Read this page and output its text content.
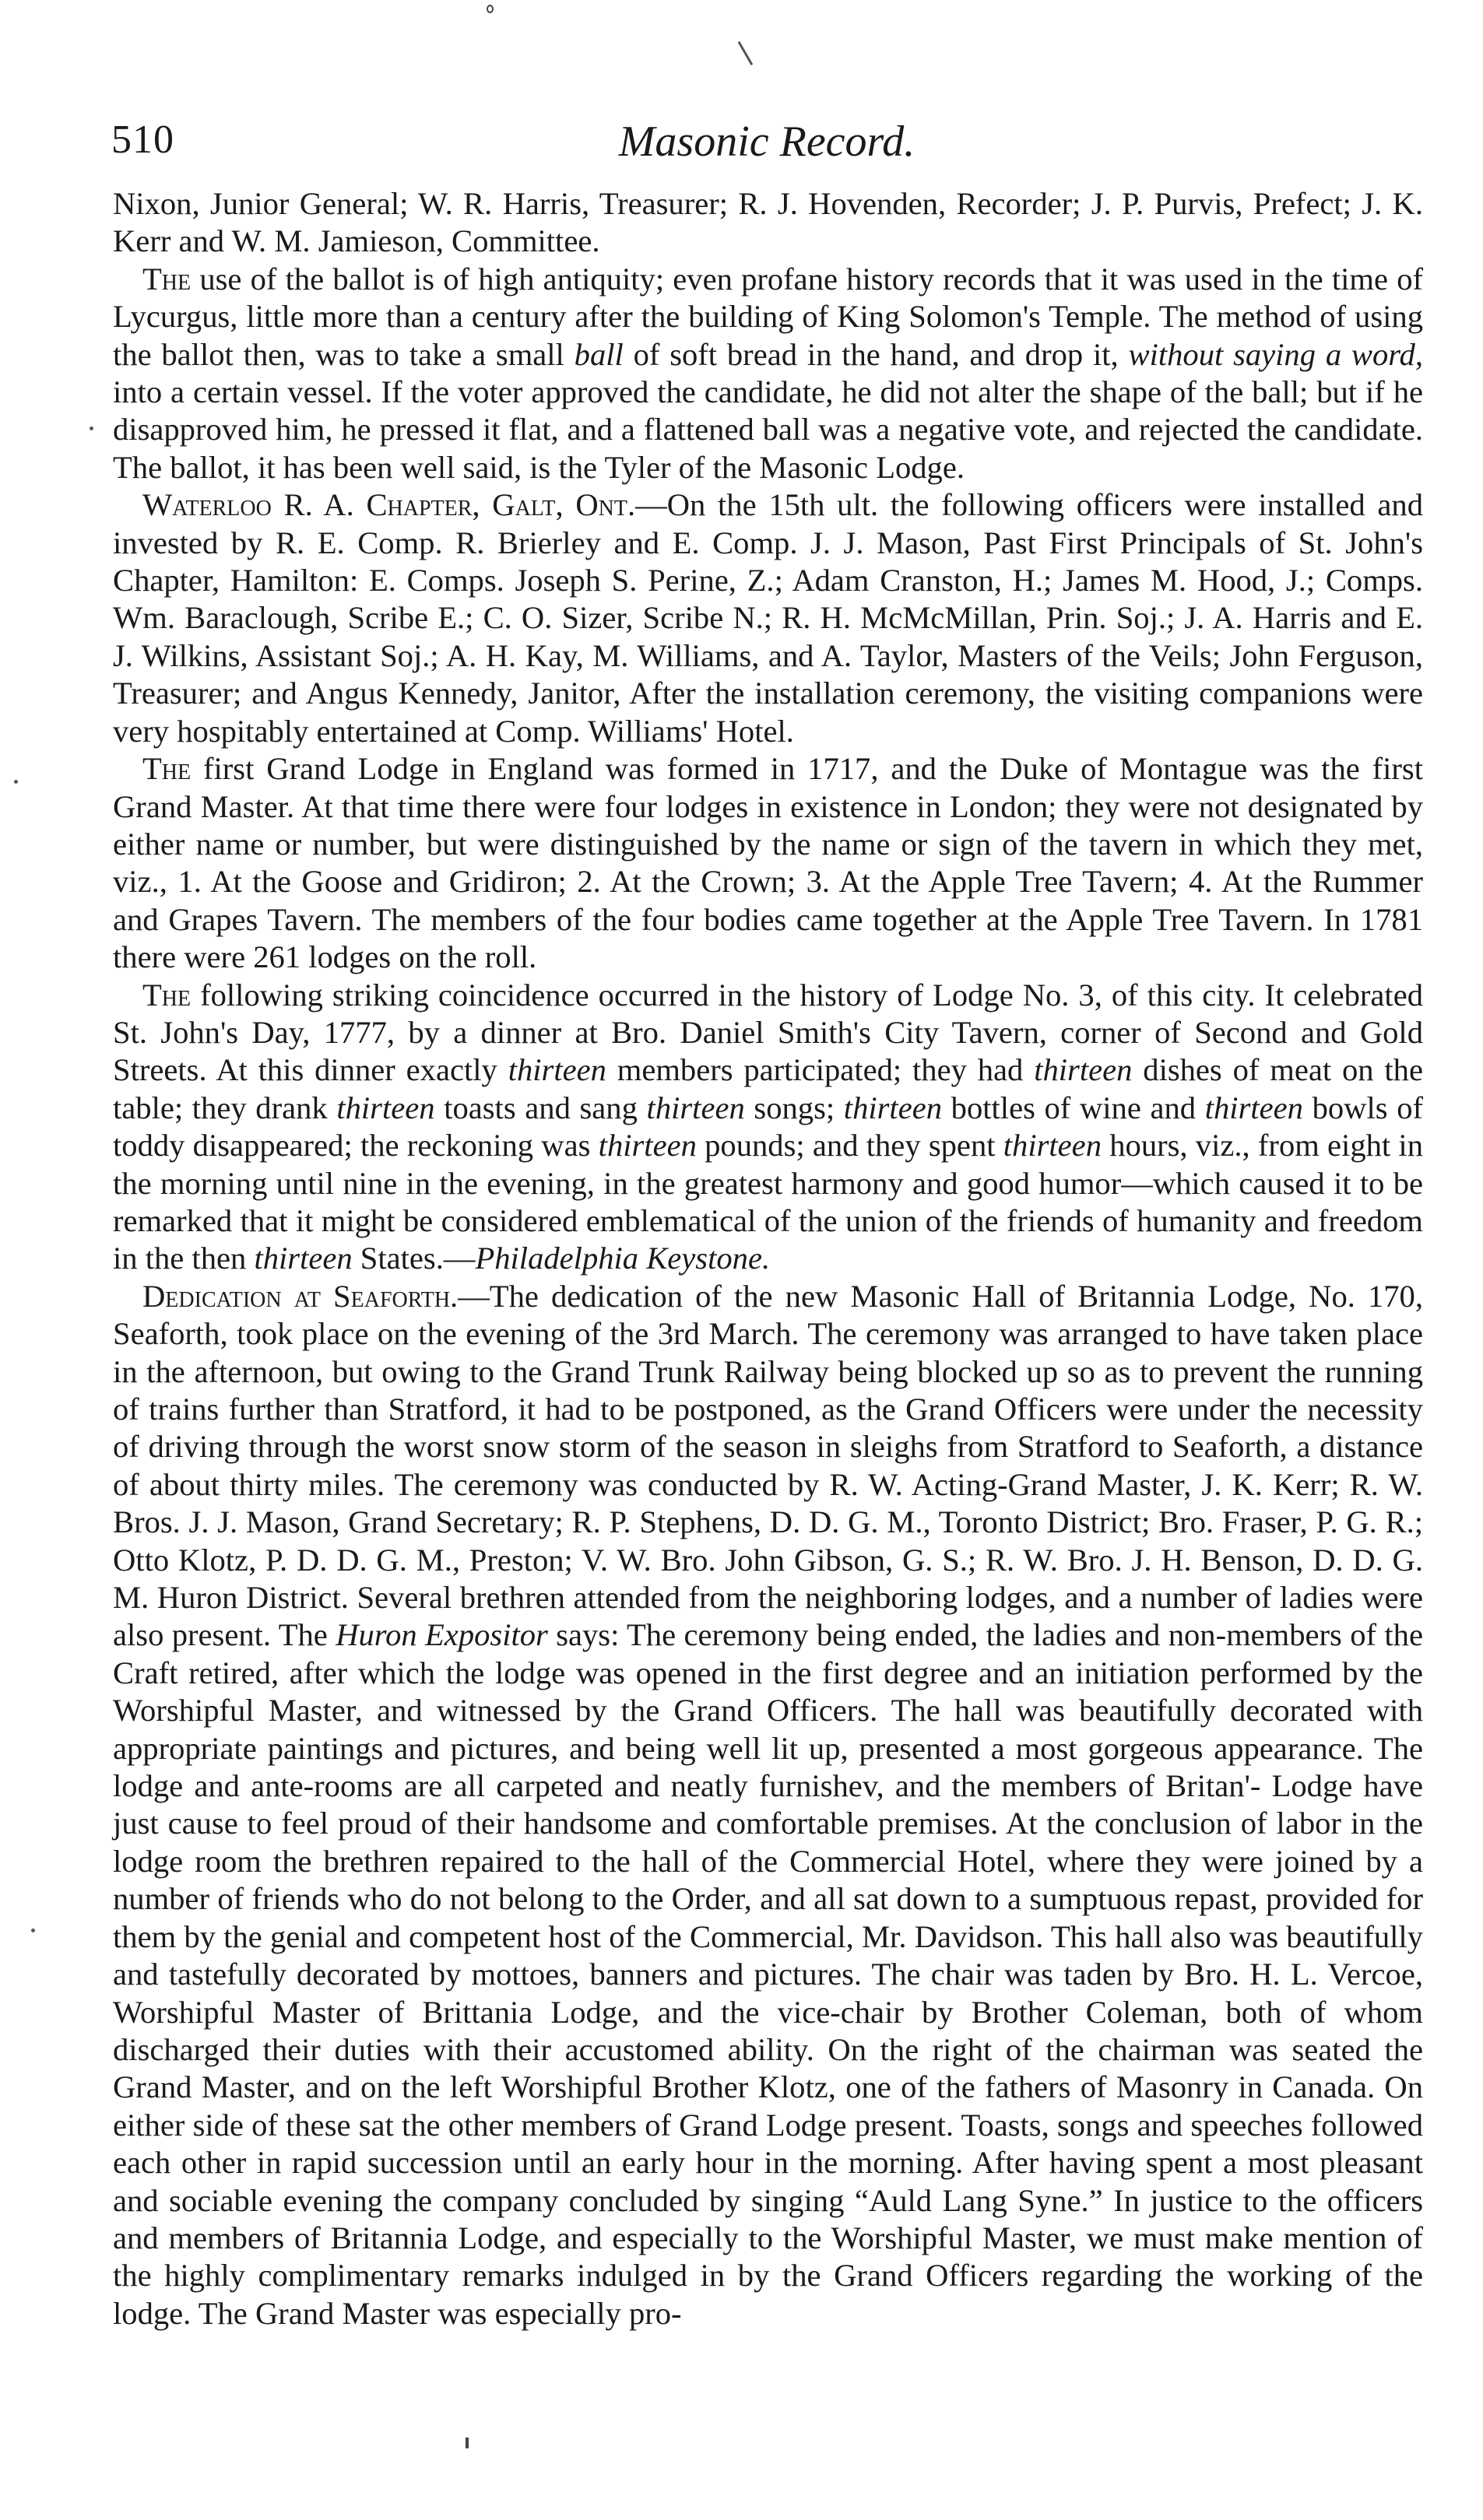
510	Masonic Record.

Nixon, Junior General; W. R. Harris, Treasurer; R. J. Hovenden, Recorder; J. P. Purvis, Prefect; J. K. Kerr and W. M. Jamieson, Committee.

The use of the ballot is of high antiquity; even profane history records that it was used in the time of Lycurgus, little more than a century after the building of King Solomon's Temple. The method of using the ballot then, was to take a small ball of soft bread in the hand, and drop it, without saying a word, into a certain vessel. If the voter approved the candidate, he did not alter the shape of the ball; but if he disapproved him, he pressed it flat, and a flattened ball was a negative vote, and rejected the candidate. The ballot, it has been well said, is the Tyler of the Masonic Lodge.

Waterloo R. A. Chapter, Galt, Ont.—On the 15th ult. the following officers were installed and invested by R. E. Comp. R. Brierley and E. Comp. J. J. Mason, Past First Principals of St. John's Chapter, Hamilton: E. Comps. Joseph S. Perine, Z.; Adam Cranston, H.; James M. Hood, J.; Comps. Wm. Baraclough, Scribe E.; C. O. Sizer, Scribe N.; R. H. McMcMillan, Prin. Soj.; J. A. Harris and E. J. Wilkins, Assistant Soj.; A. H. Kay, M. Williams, and A. Taylor, Masters of the Veils; John Ferguson, Treasurer; and Angus Kennedy, Janitor, After the installation ceremony, the visiting companions were very hospitably entertained at Comp. Williams' Hotel.

The first Grand Lodge in England was formed in 1717, and the Duke of Montague was the first Grand Master. At that time there were four lodges in existence in London; they were not designated by either name or number, but were distinguished by the name or sign of the tavern in which they met, viz., 1. At the Goose and Gridiron; 2. At the Crown; 3. At the Apple Tree Tavern; 4. At the Rummer and Grapes Tavern. The members of the four bodies came together at the Apple Tree Tavern. In 1781 there were 261 lodges on the roll.

The following striking coincidence occurred in the history of Lodge No. 3, of this city. It celebrated St. John's Day, 1777, by a dinner at Bro. Daniel Smith's City Tavern, corner of Second and Gold Streets. At this dinner exactly thirteen members participated; they had thirteen dishes of meat on the table; they drank thirteen toasts and sang thirteen songs; thirteen bottles of wine and thirteen bowls of toddy disappeared; the reckoning was thirteen pounds; and they spent thirteen hours, viz., from eight in the morning until nine in the evening, in the greatest harmony and good humor—which caused it to be remarked that it might be considered emblematical of the union of the friends of humanity and freedom in the then thirteen States.—Philadelphia Keystone.

Dedication at Seaforth.—The dedication of the new Masonic Hall of Britannia Lodge, No. 170, Seaforth, took place on the evening of the 3rd March. The ceremony was arranged to have taken place in the afternoon, but owing to the Grand Trunk Railway being blocked up so as to prevent the running of trains further than Stratford, it had to be postponed, as the Grand Officers were under the necessity of driving through the worst snow storm of the season in sleighs from Stratford to Seaforth, a distance of about thirty miles. The ceremony was conducted by R. W. Acting-Grand Master, J. K. Kerr; R. W. Bros. J. J. Mason, Grand Secretary; R. P. Stephens, D. D. G. M., Toronto District; Bro. Fraser, P. G. R.; Otto Klotz, P. D. D. G. M., Preston; V. W. Bro. John Gibson, G. S.; R. W. Bro. J. H. Benson, D. D. G. M. Huron District. Several brethren attended from the neighboring lodges, and a number of ladies were also present. The Huron Expositor says: The ceremony being ended, the ladies and non-members of the Craft retired, after which the lodge was opened in the first degree and an initiation performed by the Worshipful Master, and witnessed by the Grand Officers. The hall was beautifully decorated with appropriate paintings and pictures, and being well lit up, presented a most gorgeous appearance. The lodge and ante-rooms are all carpeted and neatly furnishev, and the members of Britan'- Lodge have just cause to feel proud of their handsome and comfortable premises. At the conclusion of labor in the lodge room the brethren repaired to the hall of the Commercial Hotel, where they were joined by a number of friends who do not belong to the Order, and all sat down to a sumptuous repast, provided for them by the genial and competent host of the Commercial, Mr. Davidson. This hall also was beautifully and tastefully decorated by mottoes, banners and pictures. The chair was taden by Bro. H. L. Vercoe, Worshipful Master of Brittania Lodge, and the vice-chair by Brother Coleman, both of whom discharged their duties with their accustomed ability. On the right of the chairman was seated the Grand Master, and on the left Worshipful Brother Klotz, one of the fathers of Masonry in Canada. On either side of these sat the other members of Grand Lodge present. Toasts, songs and speeches followed each other in rapid succession until an early hour in the morning. After having spent a most pleasant and sociable evening the company concluded by singing “Auld Lang Syne.” In justice to the officers and members of Britannia Lodge, and especially to the Worshipful Master, we must make mention of the highly complimentary remarks indulged in by the Grand Officers regarding the working of the lodge. The Grand Master was especially pro-
